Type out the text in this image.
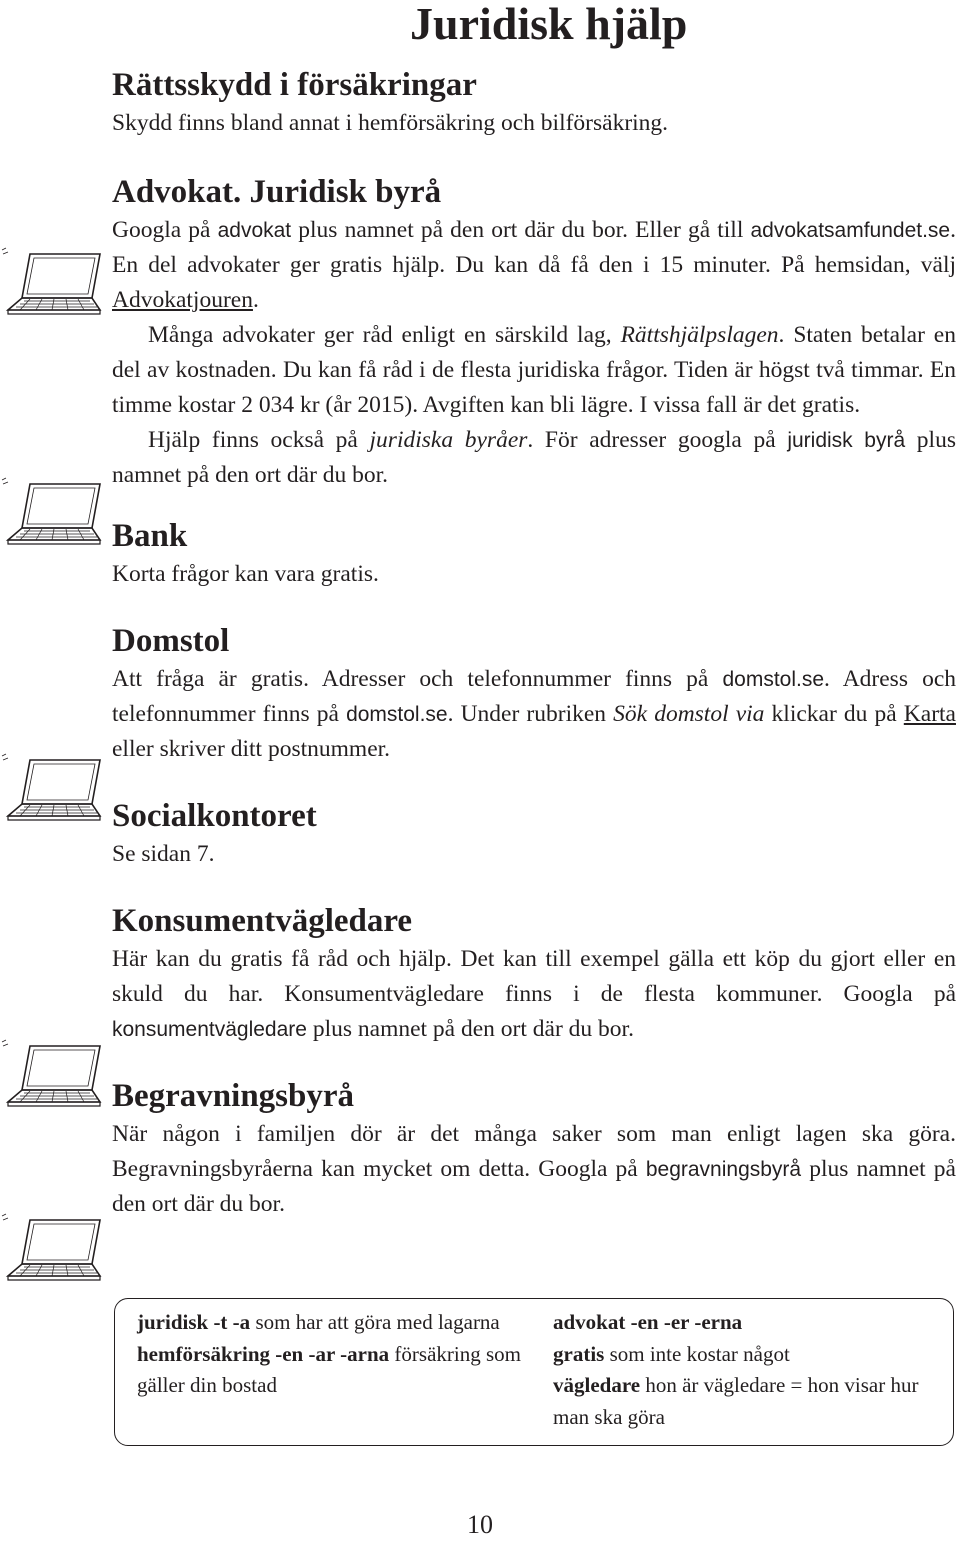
Juridisk hjälp
Rättsskydd i försäkringar

Skydd finns bland annat i hemförsäkring och bilförsäkring.

Advokat. Juridisk byrå

Googla på advokat plus namnet på den ort där du bor. Eller gå till advokatsamfundet.se. En del advokater ger gratis hjälp. Du kan då få den i 15 minuter. På hemsidan, välj Advokatjouren.

Många advokater ger råd enligt en särskild lag, Rättshjälpslagen. Staten betalar en del av kostnaden. Du kan få råd i de flesta juridiska frågor. Tiden är högst två timmar. En timme kostar 2 034 kr (år 2015). Avgiften kan bli lägre. I vissa fall är det gratis.

Hjälp finns också på juridiska byråer. För adresser googla på juridisk byrå plus namnet på den ort där du bor.

Bank

Korta frågor kan vara gratis.

Domstol

Att fråga är gratis. Adresser och telefonnummer finns på domstol.se. Adress och telefonnummer finns på domstol.se. Under rubriken Sök domstol via klickar du på Karta eller skriver ditt postnummer.

Socialkontoret

Se sidan 7.

Konsumentvägledare

Här kan du gratis få råd och hjälp. Det kan till exempel gälla ett köp du gjort eller en skuld du har. Konsumentvägledare finns i de flesta kommuner. Googla på konsumentvägledare plus namnet på den ort där du bor.

Begravningsbyrå

När någon i familjen dör är det många saker som man enligt lagen ska göra. Begravningsbyråerna kan mycket om detta. Googla på begravningsbyrå plus namnet på den ort där du bor.

juridisk -t -a som har att göra med lagarna
hemförsäkring -en -ar -arna försäkring som gäller din bostad
advokat -en -er -erna
gratis som inte kostar något
vägledare hon är vägledare = hon visar hur man ska göra
10
